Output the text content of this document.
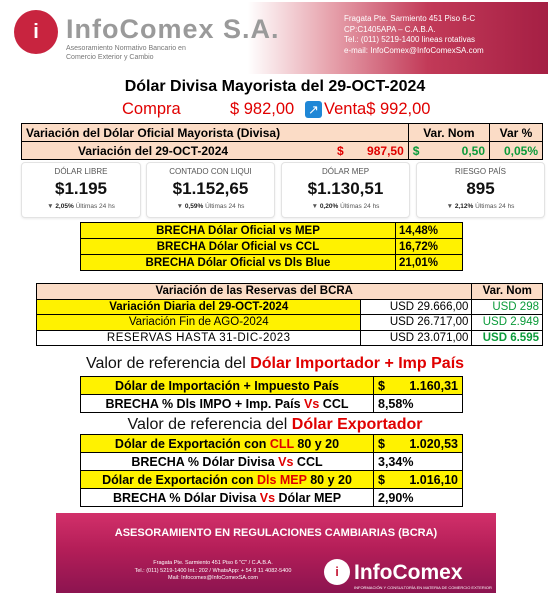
i	InfoComex S.A.
Asesoramiento Normativo Bancario en
Comercio Exterior y Cambio
Fragata Pte. Sarmiento 451 Piso 6-C
CP:C1405APA – C.A.B.A.
Tel.: (011) 5219-1400 lineas rotativas
e-mail: InfoComex@InfoComexSA.com
Dólar Divisa Mayorista del 29-OCT-2024
Compra	$ 982,00 ↗ Venta$ 992,00
Variación del Dólar Oficial Mayorista (Divisa)		Var. Nom		Var %
Variación del 29-OCT-2024	$ 987,50	$	0,50	0,05%
DÓLAR LIBRE
$1.195
▼ 2,05% Últimas 24 hs
CONTADO CON LIQUI
$1.152,65
▼ 0,59% Últimas 24 hs
DÓLAR MEP
$1.130,51
▼ 0,20% Últimas 24 hs
RIESGO PAÍS
895
▼ 2,12% Últimas 24 hs
BRECHA Dólar Oficial vs MEP	14,48%
BRECHA Dólar Oficial vs CCL	16,72%
BRECHA Dólar Oficial vs Dls Blue	21,01%
Variación de las Reservas del BCRA		Var. Nom
Variación Diaria del 29-OCT-2024	USD 29.666,00	USD 298
Variación Fin de AGO-2024	USD 26.717,00	USD 2.949
RESERVAS HASTA 31-DIC-2023	USD 23.071,00	USD 6.595
Valor de referencia del Dólar Importador + Imp País
Dólar de Importación + Impuesto País	$	1.160,31
BRECHA % Dls IMPO + Imp. País Vs CCL	8,58%	
Valor de referencia del Dólar Exportador
Dólar de Exportación con CLL 80 y 20	$	1.020,53
BRECHA % Dólar Divisa Vs CCL	3,34%	
Dólar de Exportación con Dls MEP 80 y 20	$	1.016,10
BRECHA % Dólar Divisa Vs Dólar MEP	2,90%	
ASESORAMIENTO EN REGULACIONES CAMBIARIAS (BCRA)
Fragata Pte. Sarmiento 451 Piso 6 "C" / C.A.B.A.
Tel.: (011) 5219-1400 Int.: 202 / WhatsApp: + 54 9 11 4082-5400
Mail: Infocomex@InfoComexSA.com	i InfoComex
INFORMACIÓN Y CONSULTORÍA EN MATERIA DE COMERCIO EXTERIOR
